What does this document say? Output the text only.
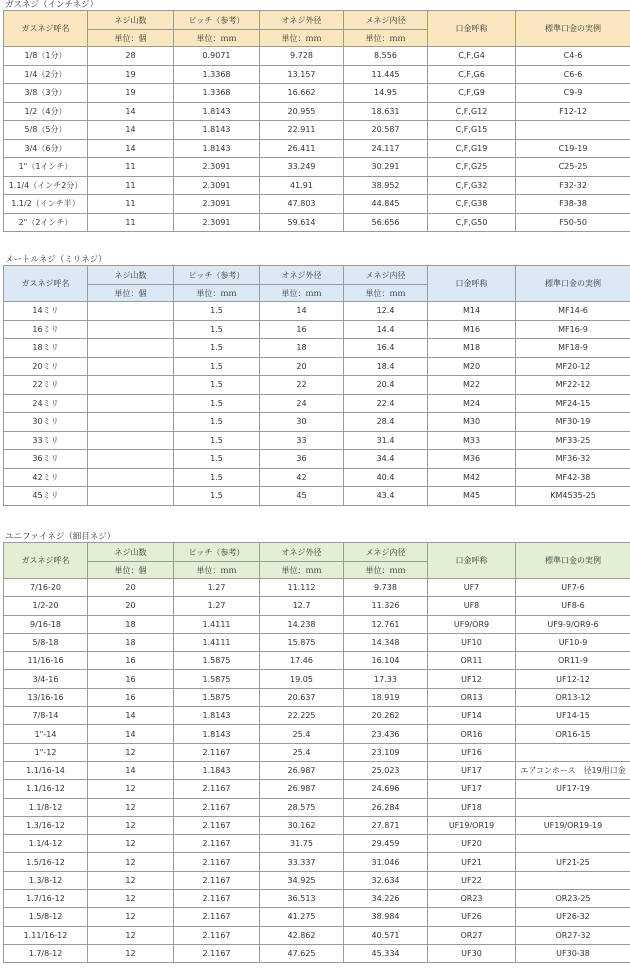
ガスネジ（インチネジ）
ガスネジ呼名	ネジ山数	ピッチ（参考）	オネジ外径	メネジ内径	口金呼称	標準口金の実例
	単位：個	単位：ｍｍ	単位：ｍｍ	単位：ｍｍ		
1/8（1分）	28	0.9071	9.728	8.556	C,F,G4	C4-6
1/4（2分）	19	1.3368	13.157	11.445	C,F,G6	C6-6
3/8（3分）	19	1.3368	16.662	14.95	C,F,G9	C9-9
1/2（4分）	14	1.8143	20.955	18.631	C,F,G12	F12-12
5/8（5分）	14	1.8143	22.911	20.587	C,F,G15	
3/4（6分）	14	1.8143	26.411	24.117	C,F,G19	C19-19
1"（1インチ）	11	2.3091	33.249	30.291	C,F,G25	C25-25
1.1/4（インチ2分）	11	2.3091	41.91	38.952	C,F,G32	F32-32
1.1/2（インチ半）	11	2.3091	47.803	44.845	C,F,G38	F38-38
2"（2インチ）	11	2.3091	59.614	56.656	C,F,G50	F50-50
メートルネジ（ミリネジ）
ガスネジ呼名	ネジ山数	ピッチ（参考）	オネジ外径	メネジ内径	口金呼称	標準口金の実例
	単位：個	単位：ｍｍ	単位：ｍｍ	単位：ｍｍ		
14ミリ		1.5	14	12.4	M14	MF14-6
16ミリ		1.5	16	14.4	M16	MF16-9
18ミリ		1.5	18	16.4	M18	MF18-9
20ミリ		1.5	20	18.4	M20	MF20-12
22ミリ		1.5	22	20.4	M22	MF22-12
24ミリ		1.5	24	22.4	M24	MF24-15
30ミリ		1.5	30	28.4	M30	MF30-19
33ミリ		1.5	33	31.4	M33	MF33-25
36ミリ		1.5	36	34.4	M36	MF36-32
42ミリ		1.5	42	40.4	M42	MF42-38
45ミリ		1.5	45	43.4	M45	KM4535-25
ユニファイネジ（細目ネジ）
ガスネジ呼名	ネジ山数	ピッチ（参考）	オネジ外径	メネジ内径	口金呼称	標準口金の実例
	単位：個	単位：ｍｍ	単位：ｍｍ	単位：ｍｍ		
7/16-20	20	1.27	11.112	9.738	UF7	UF7-6
1/2-20	20	1.27	12.7	11.326	UF8	UF8-6
9/16-18	18	1.4111	14.238	12.761	UF9/OR9	UF9-9/OR9-6
5/8-18	18	1.4111	15.875	14.348	UF10	UF10-9
11/16-16	16	1.5875	17.46	16.104	OR11	OR11-9
3/4-16	16	1.5875	19.05	17.33	UF12	UF12-12
13/16-16	16	1.5875	20.637	18.919	OR13	OR13-12
7/8-14	14	1.8143	22.225	20.262	UF14	UF14-15
1"-14	14	1.8143	25.4	23.436	OR16	OR16-15
1"-12	12	2.1167	25.4	23.109	UF16	
1.1/16-14	14	1.1843	26.987	25.023	UF17	エアコンホース　径19用口金
1.1/16-12	12	2.1167	26.987	24.696	UF17	UF17-19
1.1/8-12	12	2.1167	28.575	26.284	UF18	
1.3/16-12	12	2.1167	30.162	27.871	UF19/OR19	UF19/OR19-19
1.1/4-12	12	2.1167	31.75	29.459	UF20	
1.5/16-12	12	2.1167	33.337	31.046	UF21	UF21-25
1.3/8-12	12	2.1167	34.925	32.634	UF22	
1.7/16-12	12	2.1167	36.513	34.226	OR23	OR23-25
1.5/8-12	12	2.1167	41.275	38.984	UF26	UF26-32
1.11/16-12	12	2.1167	42.862	40.571	OR27	OR27-32
1.7/8-12	12	2.1167	47.625	45.334	UF30	UF30-38
